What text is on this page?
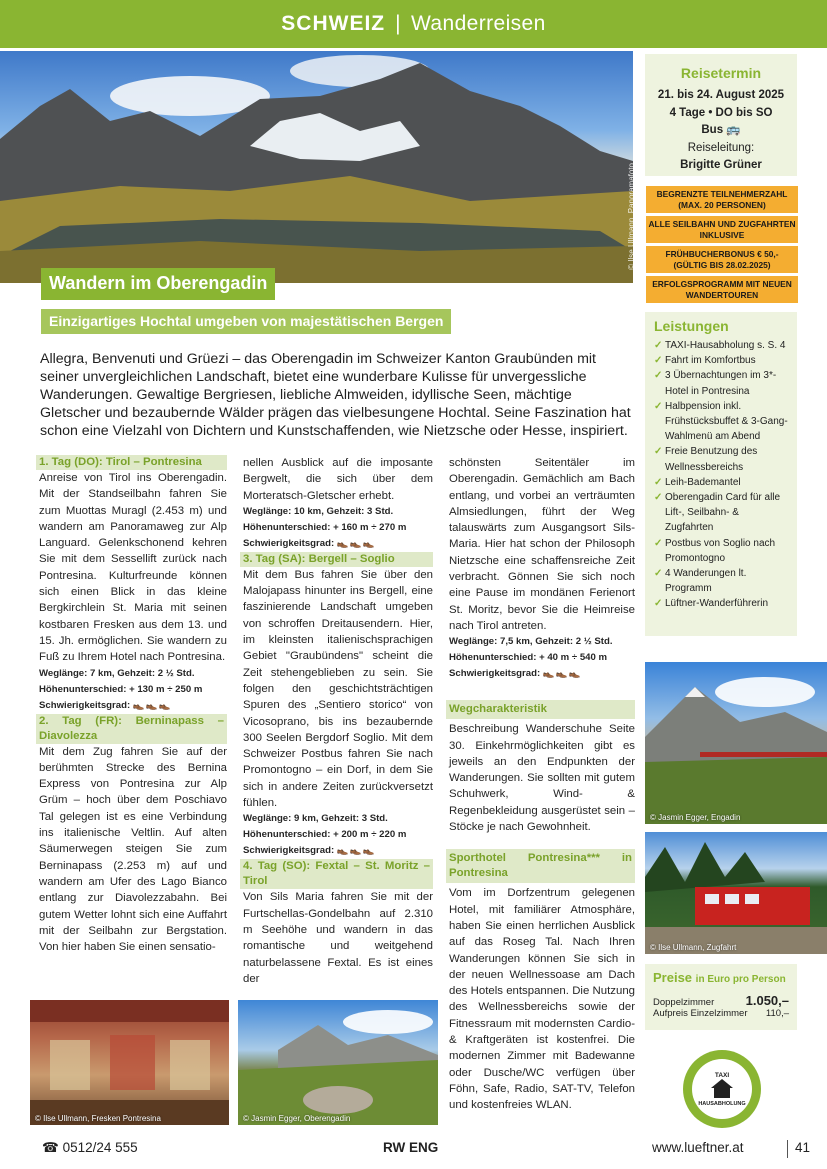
SCHWEIZ | Wanderreisen
© Ilse Ullmann, Panoramafoto
Wandern im Oberengadin
Einzigartiges Hochtal umgeben von majestätischen Bergen

Allegra, Benvenuti und Grüezi – das Oberengadin im Schweizer Kanton Graubünden mit seiner unvergleichlichen Landschaft, bietet eine wunderbare Kulisse für unvergessliche Wanderungen. Gewaltige Bergriesen, liebliche Almweiden, idyllische Seen, mächtige Gletscher und bezaubernde Wälder prägen das vielbesungene Hochtal. Seine Faszination hat schon eine Vielzahl von Dichtern und Kunstschaffenden, wie Nietzsche oder Hesse, inspiriert.

1. Tag (DO): Tirol – Pontresina

Anreise von Tirol ins Oberengadin. Mit der Standseilbahn fahren Sie zum Muottas Muragl (2.453 m) und wandern am Panoramaweg zur Alp Languard. Gelenkschonend kehren Sie mit dem Sessellift zurück nach Pontresina. Kulturfreunde können sich einen Blick in das kleine Bergkirchlein St. Maria mit seinen kostbaren Fresken aus dem 13. und 15. Jh. ermöglichen. Sie wandern zu Fuß zu Ihrem Hotel nach Pontresina.

Weglänge: 7 km, Gehzeit: 2 ½ Std.
Höhenunterschied: + 130 m ÷ 250 m
Schwierigkeitsgrad: 👞👞👞
2. Tag (FR): Berninapass – Diavolezza

Mit dem Zug fahren Sie auf der berühmten Strecke des Bernina Express von Pontresina zur Alp Grüm – hoch über dem Poschiavo Tal gelegen ist es eine Verbindung ins italienische Veltlin. Auf alten Säumerwegen steigen Sie zum Berninapass (2.253 m) auf und wandern am Ufer des Lago Bianco entlang zur Diavolezzabahn. Bei gutem Wetter lohnt sich eine Auffahrt mit der Seilbahn zur Bergstation. Von hier haben Sie einen sensatio-

nellen Ausblick auf die imposante Bergwelt, die sich über dem Morteratsch-Gletscher erhebt.

Weglänge: 10 km, Gehzeit: 3 Std.
Höhenunterschied: + 160 m ÷ 270 m
Schwierigkeitsgrad: 👞👞👞
3. Tag (SA): Bergell – Soglio

Mit dem Bus fahren Sie über den Malojapass hinunter ins Bergell, eine faszinierende Landschaft umgeben von schroffen Dreitausendern. Hier, im kleinsten italienischsprachigen Gebiet "Graubündens" scheint die Zeit stehengeblieben zu sein. Sie folgen den geschichtsträchtigen Spuren des „Sentiero storico“ von Vicosoprano, bis ins bezaubernde 300 Seelen Bergdorf Soglio. Mit dem Schweizer Postbus fahren Sie nach Promontogno – ein Dorf, in dem Sie sich in andere Zeiten zurückversetzt fühlen.

Weglänge: 9 km, Gehzeit: 3 Std.
Höhenunterschied: + 200 m ÷ 220 m
Schwierigkeitsgrad: 👞👞👞
4. Tag (SO): Fextal – St. Moritz – Tirol

Von Sils Maria fahren Sie mit der Furtschellas-Gondelbahn auf 2.310 m Seehöhe und wandern in das romantische und weitgehend naturbelassene Fextal. Es ist eines der

schönsten Seitentäler im Oberengadin. Gemächlich am Bach entlang, und vorbei an verträumten Almsiedlungen, führt der Weg talauswärts zum Ausgangsort Sils-Maria. Hier hat schon der Philosoph Nietzsche eine schaffensreiche Zeit verbracht. Gönnen Sie sich noch eine Pause im mondänen Ferienort St. Moritz, bevor Sie die Heimreise nach Tirol antreten.

Weglänge: 7,5 km, Gehzeit: 2 ½ Std.
Höhenunterschied: + 40 m ÷ 540 m
Schwierigkeitsgrad: 👞👞👞
Wegcharakteristik

Beschreibung Wanderschuhe Seite 30. Einkehrmöglichkeiten gibt es jeweils an den Endpunkten der Wanderungen. Sie sollten mit gutem Schuhwerk, Wind- & Regenbekleidung ausgerüstet sein – Stöcke je nach Gewohnheit.

Sporthotel Pontresina*** in Pontresina

Vom im Dorfzentrum gelegenen Hotel, mit familiärer Atmosphäre, haben Sie einen herrlichen Ausblick auf das Roseg Tal. Nach Ihren Wanderungen können Sie sich in der neuen Wellnessoase am Dach des Hotels entspannen. Die Nutzung des Wellnessbereichs sowie der Fitnessraum mit modernsten Cardio- & Kraftgeräten ist kostenfrei. Die modernen Zimmer mit Badewanne oder Dusche/WC verfügen über Föhn, Safe, Radio, SAT-TV, Telefon und kostenfreies WLAN.

© Ilse Ullmann, Fresken Pontresina	© Jasmin Egger, Oberengadin
© Jasmin Egger, Engadin
© Ilse Ullmann, Zugfahrt
Reisetermin
21. bis 24. August 2025
4 Tage • DO bis SO
Bus 🚌
Reiseleitung:
Brigitte Grüner
BEGRENZTE TEILNEHMERZAHL (MAX. 20 PERSONEN)
ALLE SEILBAHN UND ZUGFAHRTEN INKLUSIVE
FRÜHBUCHERBONUS € 50,- (GÜLTIG BIS 28.02.2025)
ERFOLGSPROGRAMM MIT NEUEN WANDERTOUREN
Leistungen
✓ TAXI-Hausabholung s. S. 4
✓ Fahrt im Komfortbus
✓ 3 Übernachtungen im 3*-Hotel in Pontresina
✓ Halbpension inkl. Frühstücksbuffet & 3-Gang-Wahlmenü am Abend
✓ Freie Benutzung des Wellnessbereichs
✓ Leih-Bademantel
✓ Oberengadin Card für alle Lift-, Seilbahn- & Zugfahrten
✓ Postbus von Soglio nach Promontogno
✓ 4 Wanderungen lt. Programm
✓ Lüftner-Wanderführerin
Preise in Euro pro Person
Doppelzimmer 1.050,–
Aufpreis Einzelzimmer 110,–
TAXI
HAUSABHOLUNG
☎ 0512/24 555	RW ENG	www.lueftner.at	41
